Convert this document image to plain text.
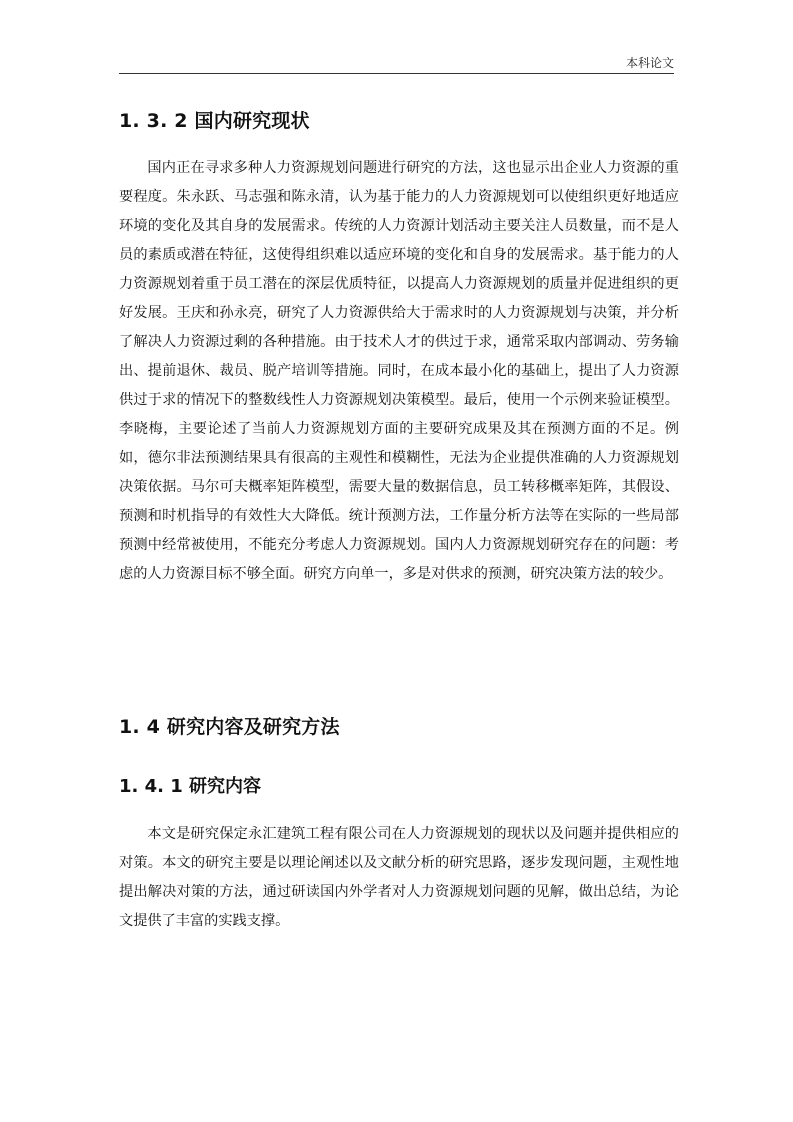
本科论文
1. 3. 2 国内研究现状

国内正在寻求多种人力资源规划问题进行研究的方法，这也显示出企业人力资源的重要程度。朱永跃、马志强和陈永清，认为基于能力的人力资源规划可以使组织更好地适应环境的变化及其自身的发展需求。传统的人力资源计划活动主要关注人员数量，而不是人员的素质或潜在特征，这使得组织难以适应环境的变化和自身的发展需求。基于能力的人力资源规划着重于员工潜在的深层优质特征，以提高人力资源规划的质量并促进组织的更好发展。王庆和孙永亮，研究了人力资源供给大于需求时的人力资源规划与决策，并分析了解决人力资源过剩的各种措施。由于技术人才的供过于求，通常采取内部调动、劳务输出、提前退休、裁员、脱产培训等措施。同时，在成本最小化的基础上，提出了人力资源供过于求的情况下的整数线性人力资源规划决策模型。最后，使用一个示例来验证模型。李晓梅，主要论述了当前人力资源规划方面的主要研究成果及其在预测方面的不足。例如，德尔非法预测结果具有很高的主观性和模糊性，无法为企业提供准确的人力资源规划决策依据。马尔可夫概率矩阵模型，需要大量的数据信息，员工转移概率矩阵，其假设、预测和时机指导的有效性大大降低。统计预测方法，工作量分析方法等在实际的一些局部预测中经常被使用，不能充分考虑人力资源规划。国内人力资源规划研究存在的问题：考虑的人力资源目标不够全面。研究方向单一，多是对供求的预测，研究决策方法的较少。

1. 4 研究内容及研究方法
1. 4. 1 研究内容

本文是研究保定永汇建筑工程有限公司在人力资源规划的现状以及问题并提供相应的对策。本文的研究主要是以理论阐述以及文献分析的研究思路，逐步发现问题，主观性地提出解决对策的方法，通过研读国内外学者对人力资源规划问题的见解，做出总结，为论文提供了丰富的实践支撑。
